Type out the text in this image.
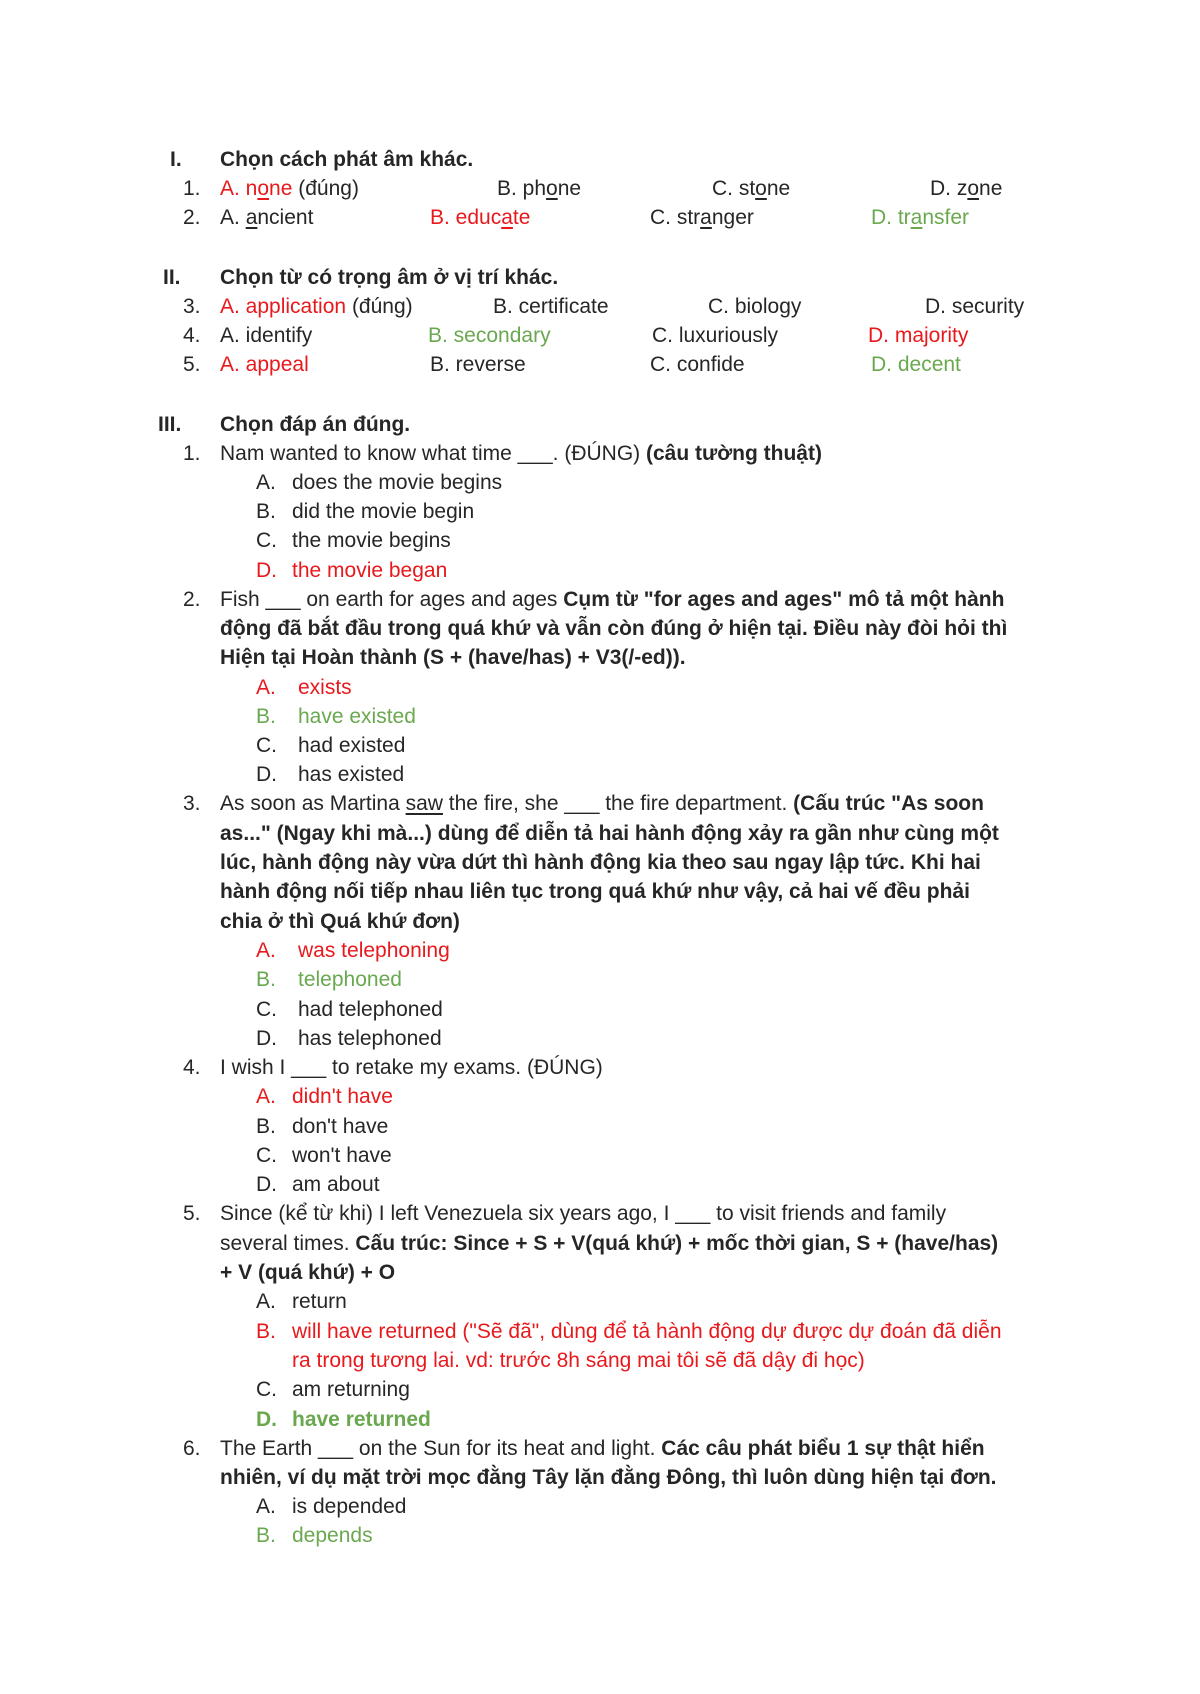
I. Chọn cách phát âm khác.
1. A. none (đúng)	B. phone	C. stone	D. zone
2. A. ancient	B. educate	C. stranger	D. transfer
II. Chọn từ có trọng âm ở vị trí khác.
3. A. application (đúng)	B. certificate	C. biology	D. security
4. A. identify	B. secondary	C. luxuriously	D. majority
5. A. appeal	B. reverse	C. confide	D. decent
III. Chọn đáp án đúng.
1. Nam wanted to know what time ___. (ĐÚNG) (câu tường thuật)
A. does the movie begins
B. did the movie begin
C. the movie begins
D. the movie began
2. Fish ___ on earth for ages and ages Cụm từ "for ages and ages" mô tả một hành
động đã bắt đầu trong quá khứ và vẫn còn đúng ở hiện tại. Điều này đòi hỏi thì
Hiện tại Hoàn thành (S + (have/has) + V3(/-ed)).
A. exists
B. have existed
C. had existed
D. has existed
3. As soon as Martina saw the fire, she ___ the fire department. (Cấu trúc "As soon
as..." (Ngay khi mà...) dùng để diễn tả hai hành động xảy ra gần như cùng một
lúc, hành động này vừa dứt thì hành động kia theo sau ngay lập tức. Khi hai
hành động nối tiếp nhau liên tục trong quá khứ như vậy, cả hai vế đều phải
chia ở thì Quá khứ đơn)
A. was telephoning
B. telephoned
C. had telephoned
D. has telephoned
4. I wish I ___ to retake my exams. (ĐÚNG)
A. didn't have
B. don't have
C. won't have
D. am about
5. Since (kể từ khi) I left Venezuela six years ago, I ___ to visit friends and family
several times. Cấu trúc: Since + S + V(quá khứ) + mốc thời gian, S + (have/has)
+ V (quá khứ) + O
A. return
B. will have returned ("Sẽ đã", dùng để tả hành động dự được dự đoán đã diễn
ra trong tương lai. vd: trước 8h sáng mai tôi sẽ đã dậy đi học)
C. am returning
D. have returned
6. The Earth ___ on the Sun for its heat and light. Các câu phát biểu 1 sự thật hiển
nhiên, ví dụ mặt trời mọc đằng Tây lặn đằng Đông, thì luôn dùng hiện tại đơn.
A. is depended
B. depends
